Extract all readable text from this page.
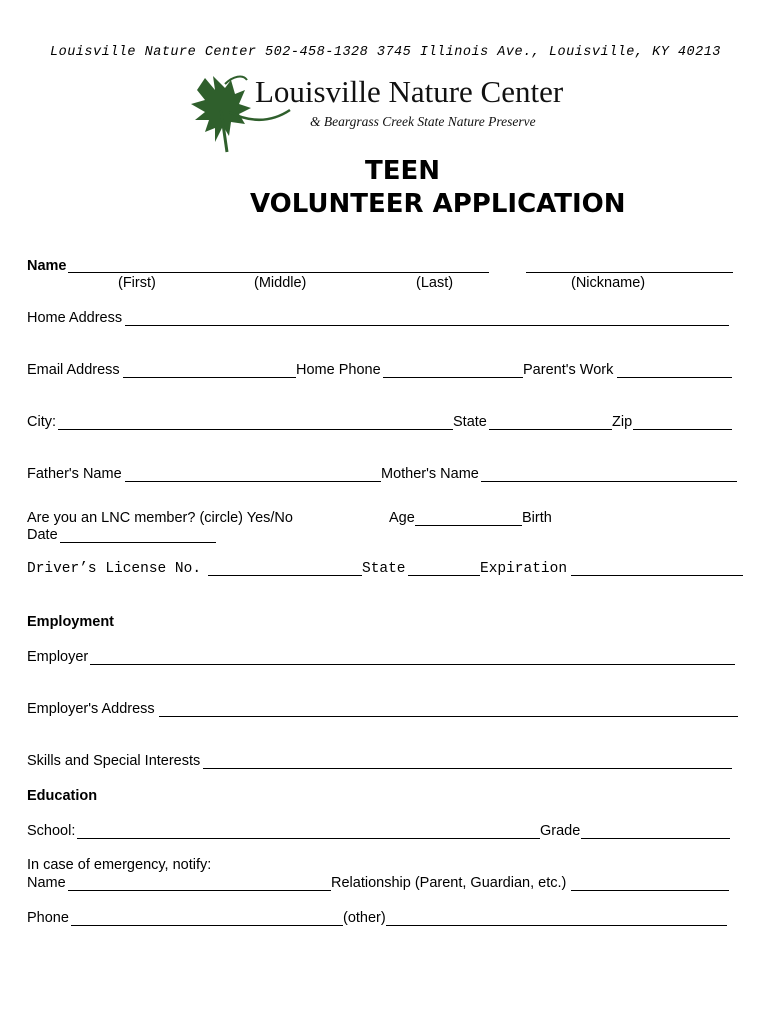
Louisville Nature Center 502-458-1328 3745 Illinois Ave., Louisville, KY 40213
Louisville Nature Center
& Beargrass Creek State Nature Preserve
TEEN
VOLUNTEER APPLICATION
Name
(First)	(Middle)	(Last)	(Nickname)
Home Address
Email Address	Home Phone	Parent's Work
City:	State	Zip
Father's Name	Mother's Name
Are you an LNC member? (circle) Yes/No	Age	Birth
Date
Driver’s License No.	State	Expiration
Employment
Employer
Employer's Address
Skills and Special Interests
Education
School:	Grade
In case of emergency, notify:
Name	Relationship (Parent, Guardian, etc.)
Phone	(other)
